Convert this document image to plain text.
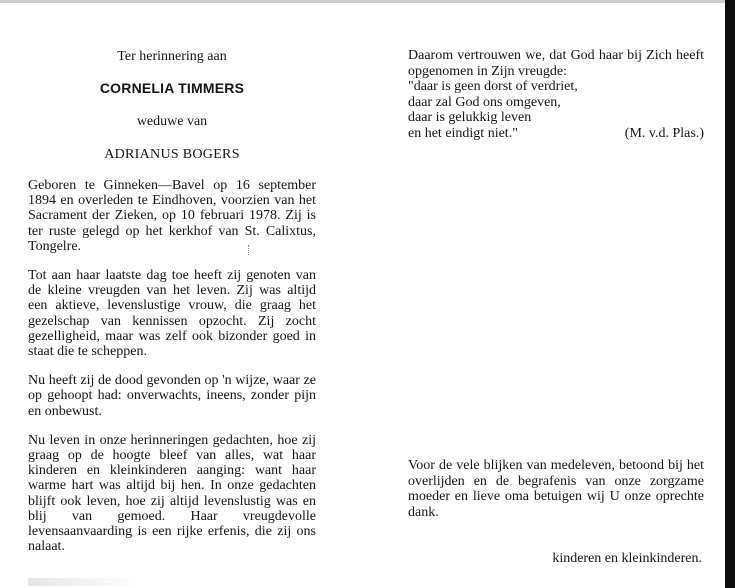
Ter herinnering aan

CORNELIA TIMMERS

weduwe van

ADRIANUS BOGERS

Geboren te Ginneken—Bavel op 16 september 1894 en overleden te Eindhoven, voorzien van het Sacrament der Zieken, op 10 februari 1978. Zij is ter ruste gelegd op het kerkhof van St. Calixtus, Tongelre.

Tot aan haar laatste dag toe heeft zij genoten van de kleine vreugden van het leven. Zij was altijd een aktieve, levenslustige vrouw, die graag het gezelschap van kennissen opzocht. Zij zocht gezelligheid, maar was zelf ook bizonder goed in staat die te scheppen.

Nu heeft zij de dood gevonden op 'n wijze, waar ze op gehoopt had: onverwachts, ineens, zonder pijn en onbewust.

Nu leven in onze herinneringen gedachten, hoe zij graag op de hoogte bleef van alles, wat haar kinderen en kleinkinderen aanging: want haar warme hart was altijd bij hen. In onze gedachten blijft ook leven, hoe zij altijd levenslustig was en blij van gemoed. Haar vreugdevolle levensaanvaarding is een rijke erfenis, die zij ons nalaat.

Daarom vertrouwen we, dat God haar bij Zich heeft opgenomen in Zijn vreugde:

"daar is geen dorst of verdriet,
daar zal God ons omgeven,
daar is gelukkig leven
en het eindigt niet."	(M. v.d. Plas.)

Voor de vele blijken van medeleven, betoond bij het overlijden en de begrafenis van onze zorgzame moeder en lieve oma betuigen wij U onze oprechte dank.

kinderen en kleinkinderen.
